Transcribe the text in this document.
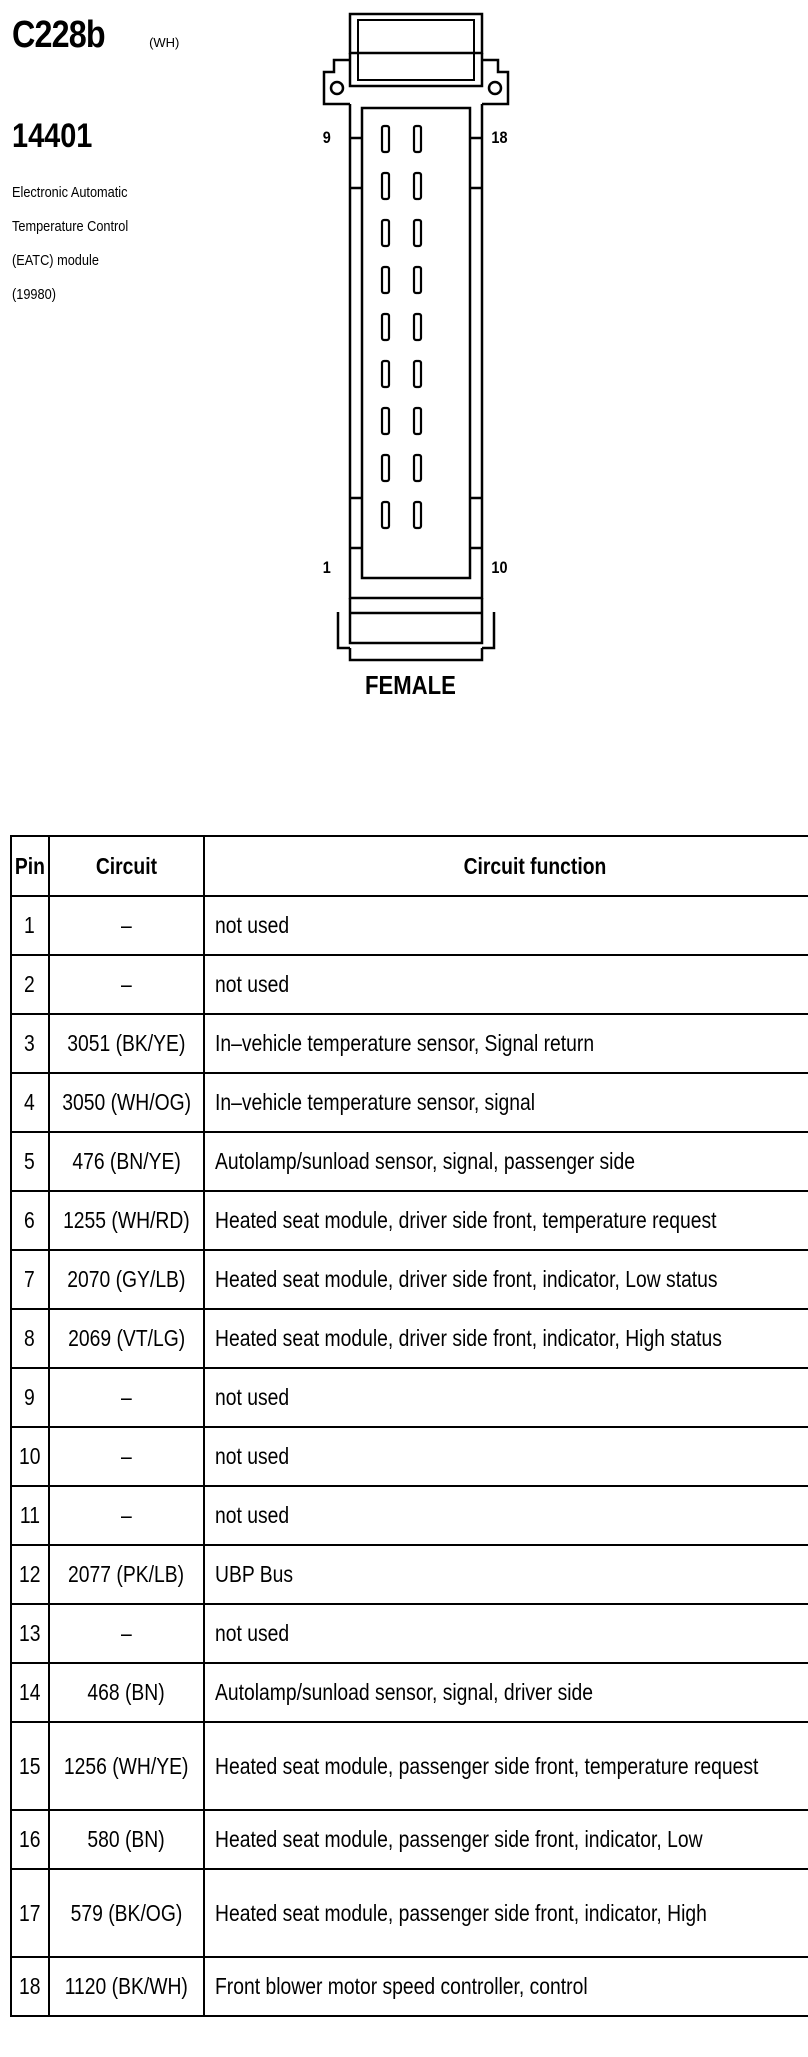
C228b	(WH)
14401
Electronic Automatic
Temperature Control
(EATC) module
(19980)
9	18
1	10
FEMALE
Pin	Circuit	Circuit function
1	–	not used
2	–	not used
3	3051 (BK/YE)	In–vehicle temperature sensor, Signal return
4	3050 (WH/OG)	In–vehicle temperature sensor, signal
5	476 (BN/YE)	Autolamp/sunload sensor, signal, passenger side
6	1255 (WH/RD)	Heated seat module, driver side front, temperature request
7	2070 (GY/LB)	Heated seat module, driver side front, indicator, Low status
8	2069 (VT/LG)	Heated seat module, driver side front, indicator, High status
9	–	not used
10	–	not used
11	–	not used
12	2077 (PK/LB)	UBP Bus
13	–	not used
14	468 (BN)	Autolamp/sunload sensor, signal, driver side
15	1256 (WH/YE)	Heated seat module, passenger side front, temperature request
16	580 (BN)	Heated seat module, passenger side front, indicator, Low
17	579 (BK/OG)	Heated seat module, passenger side front, indicator, High
18	1120 (BK/WH)	Front blower motor speed controller, control
